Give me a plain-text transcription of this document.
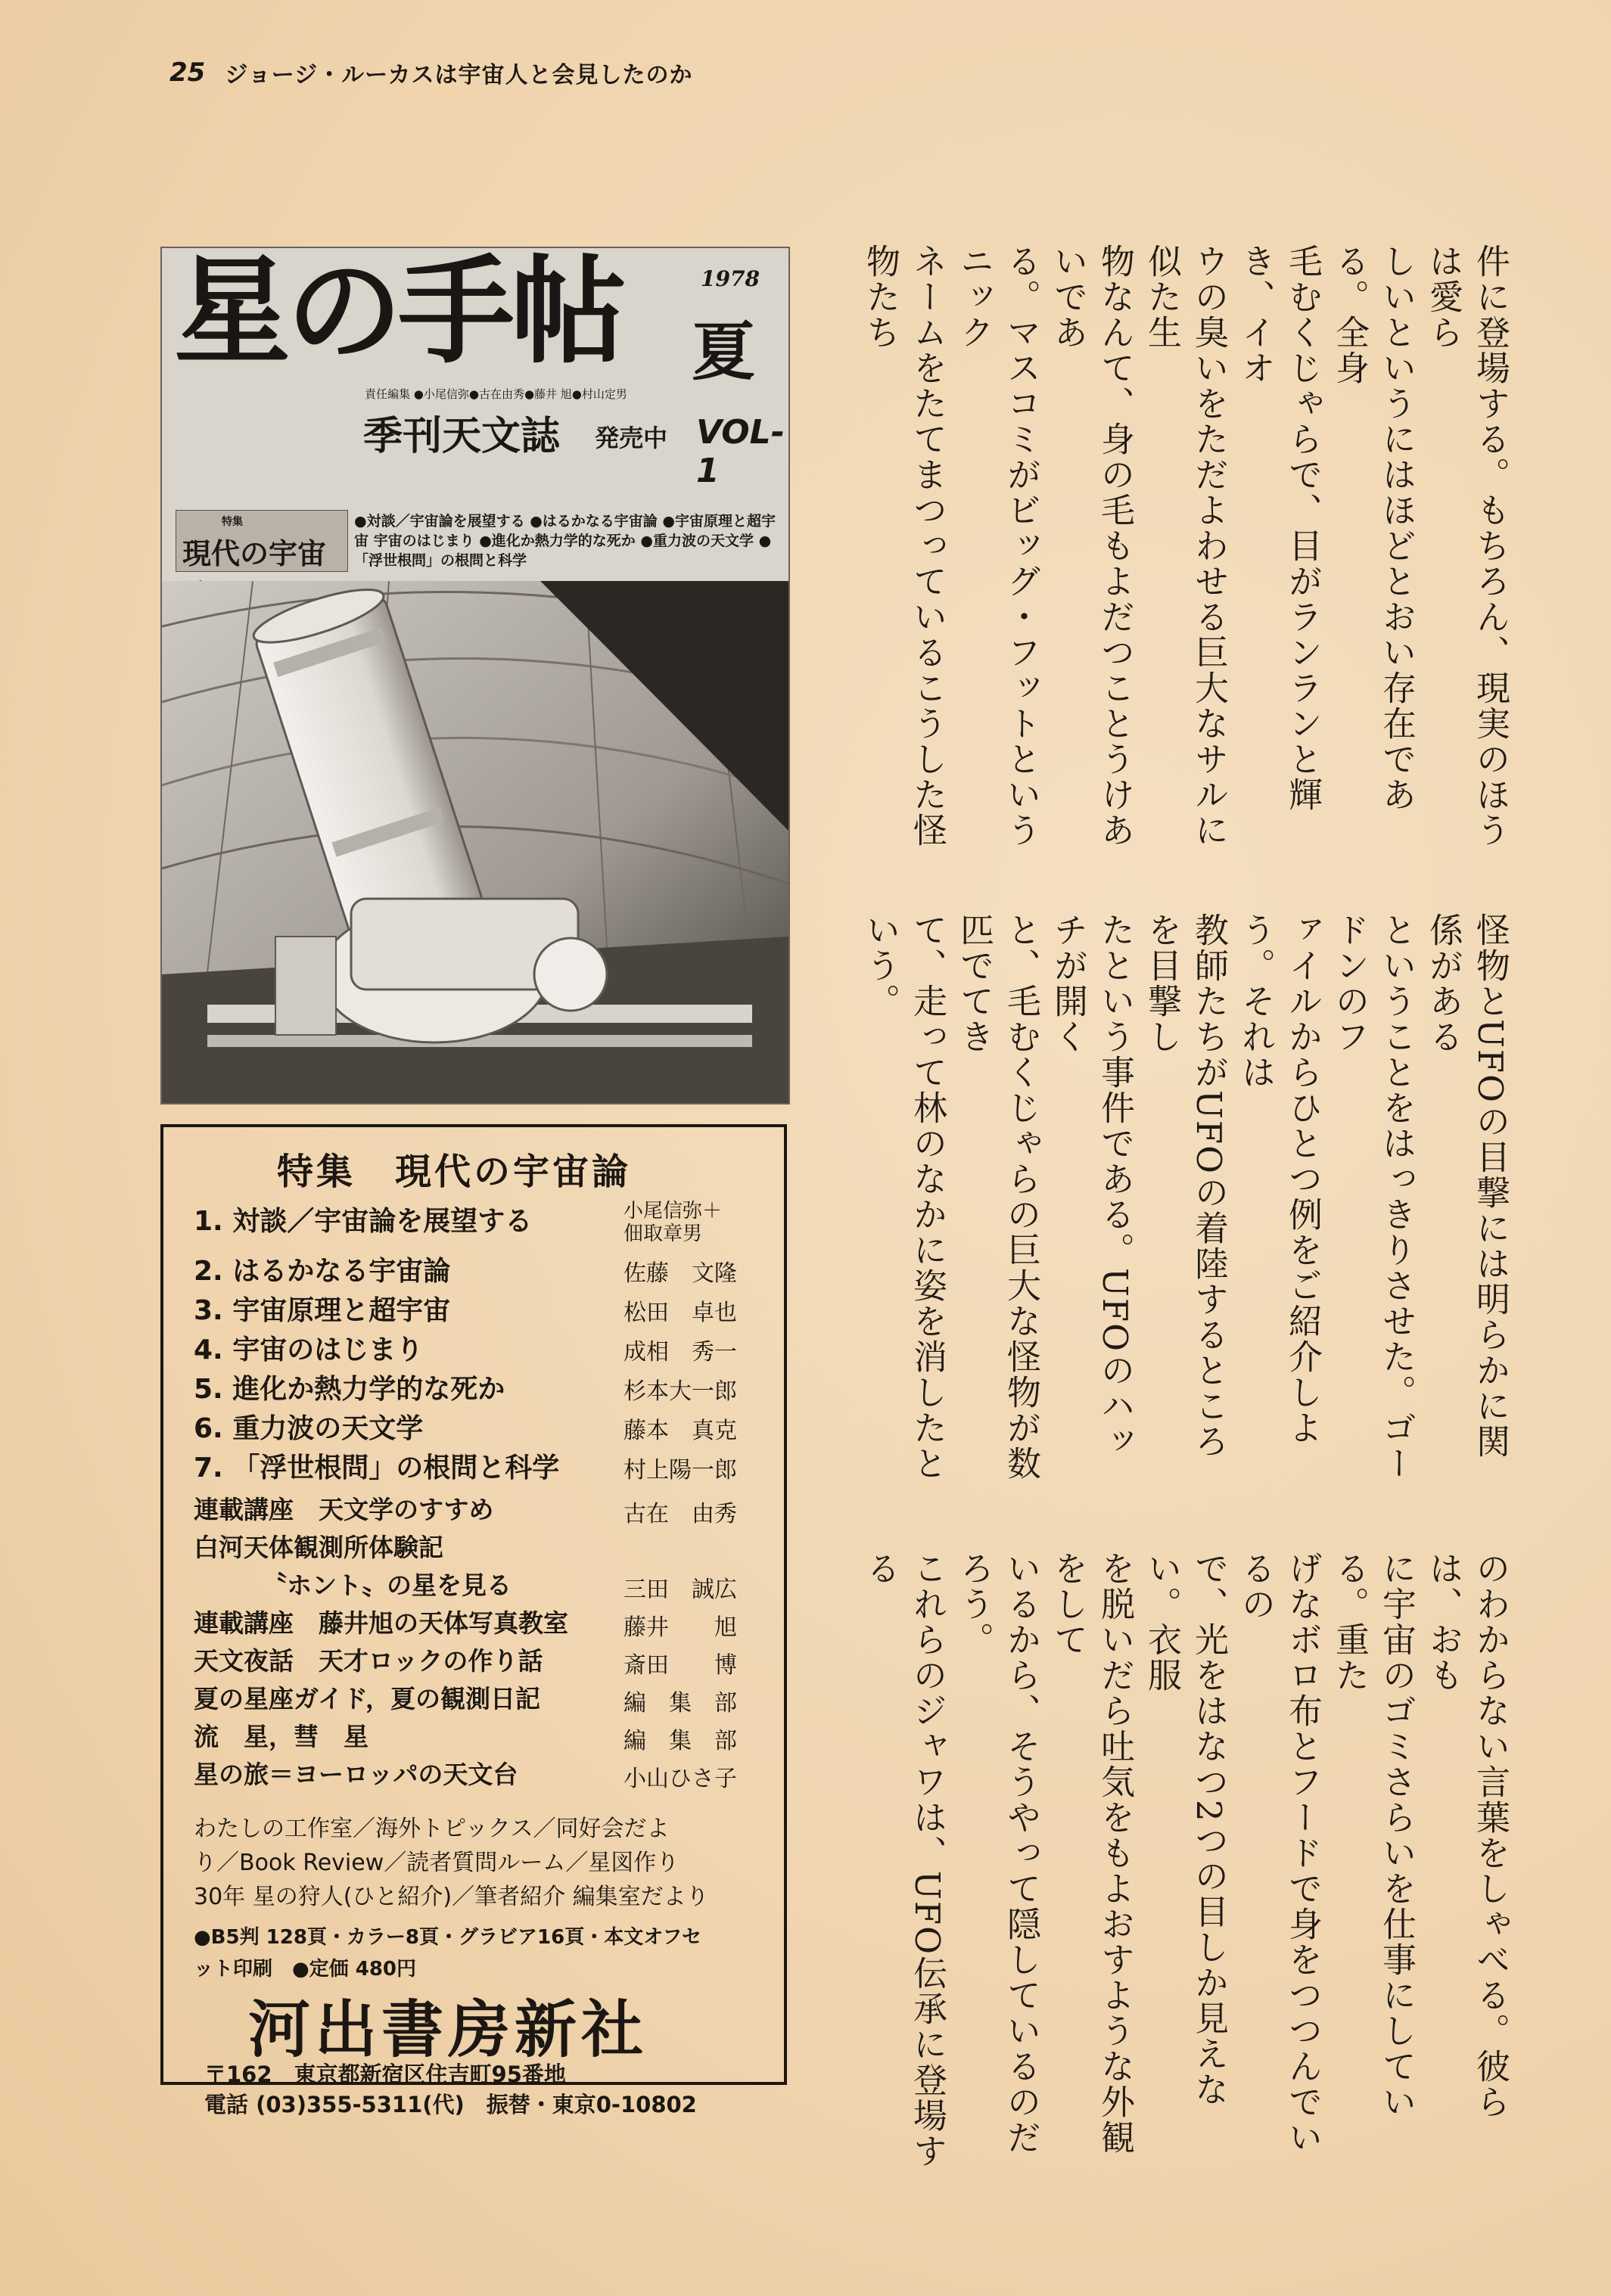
25 ジョージ・ルーカスは宇宙人と会見したのか
星の手帖	1978
夏
責任編集 ●小尾信弥●古在由秀●藤井 旭●村山定男
季刊天文誌 発売中 VOL-1
特集
現代の宇宙
●対談／宇宙論を展望する ●はるかなる宇宙論 ●宇宙原理と超宇宙 宇宙のはじまり ●進化か熱力学的な死か ●重力波の天文学 ●「浮世根問」の根問と科学
特集　現代の宇宙論
1. 対談／宇宙論を展望する	小尾信弥＋
佃取章男
2. はるかなる宇宙論	佐藤　文隆
3. 宇宙原理と超宇宙	松田　卓也
4. 宇宙のはじまり	成相　秀一
5. 進化か熱力学的な死か	杉本大一郎
6. 重力波の天文学	藤本　真克
7. 「浮世根問」の根問と科学	村上陽一郎
連載講座　天文学のすすめ	古在　由秀
白河天体観測所体験記
〝ホント〟の星を見る	三田　誠広
連載講座　藤井旭の天体写真教室 藤井　　旭
天文夜話　天才ロックの作り話	斎田　　博
夏の星座ガイド，夏の観測日記	編　集　部
流　星，彗　星	編　集　部
星の旅＝ヨーロッパの天文台	小山ひさ子
わたしの工作室／海外トピックス／同好会だよ
り／Book Review／読者質問ルーム／星図作り
30年 星の狩人(ひと紹介)／筆者紹介 編集室だより
●B5判 128頁・カラー8頁・グラビア16頁・本文オフセ
ット印刷　●定価 480円
河出書房新社
〒162　東京都新宿区住吉町95番地
電話 (03)355-5311(代)　振替・東京0-10802

件に登場する。もちろん、現実のほうは愛ら

しいというにはほどとおい存在である。全身

毛むくじゃらで、目がランランと輝き、イオ

ウの臭いをただよわせる巨大なサルに似た生

物なんて、身の毛もよだつことうけあいであ

る。マスコミがビッグ・フットというニック

ネームをたてまつっているこうした怪物たち

怪物とUFOの目撃には明らかに関係がある

ということをはっきりさせた。ゴードンのフ

ァイルからひとつ例をご紹介しよう。それは

教師たちがUFOの着陸するところを目撃し

たという事件である。UFOのハッチが開く

と、毛むくじゃらの巨大な怪物が数匹でてき

て、走って林のなかに姿を消したという。

のわからない言葉をしゃべる。彼らは、おも

に宇宙のゴミさらいを仕事にしている。重た

げなボロ布とフードで身をつつんでいるの

で、光をはなつ2つの目しか見えない。衣服

を脱いだら吐気をもよおすような外観をして

いるから、そうやって隠しているのだろう。

これらのジャワは、UFO伝承に登場する
